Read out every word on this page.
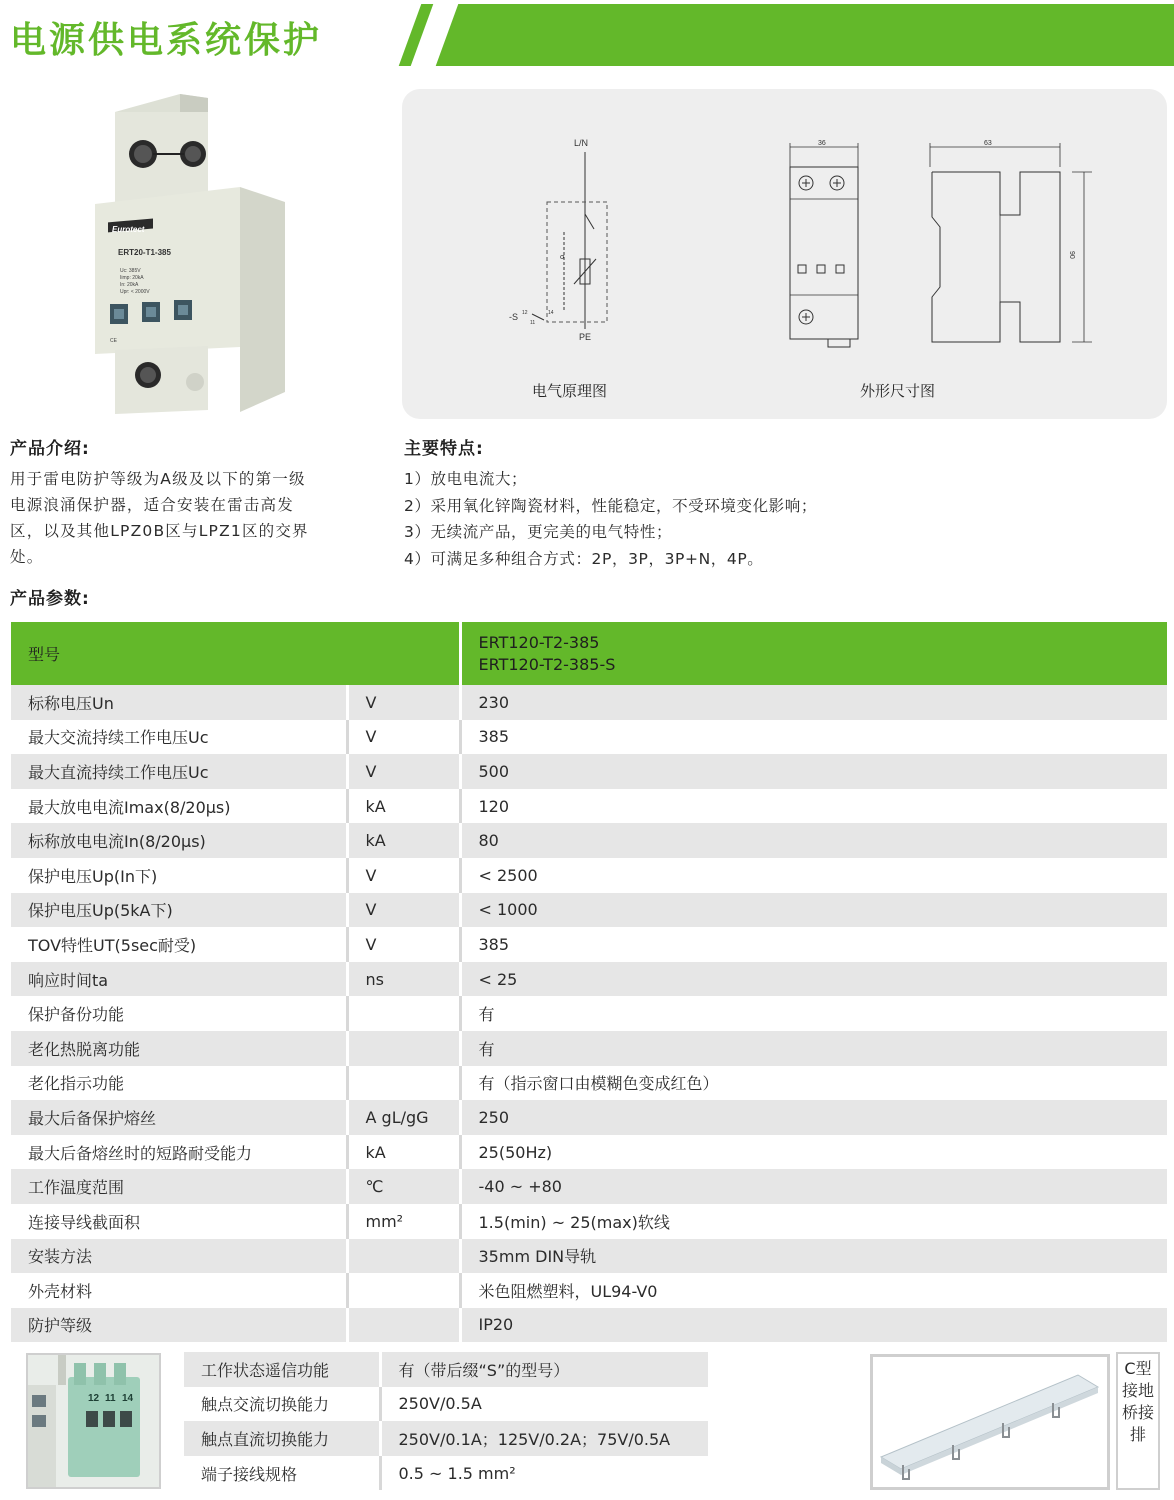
电源供电系统保护
Eurotect
ERT20-T1-385
Uc: 385V
Iimp: 20kA
In: 20kA
Upr: < 2000V
CE
L/N
σ
-S 12
11
14
PE
电气原理图
36	63
90
外形尺寸图
产品介绍:
用于雷电防护等级为A级及以下的第一级
电源浪涌保护器，适合安装在雷击高发
区，以及其他LPZ0B区与LPZ1区的交界
处。
主要特点:
1）放电电流大；
2）采用氧化锌陶瓷材料，性能稳定，不受环境变化影响；
3）无续流产品，更完美的电气特性；
4）可满足多种组合方式：2P，3P，3P+N，4P。
产品参数:
型号		ERT120-T2-385
ERT120-T2-385-S

标称电压Un	V	230
最大交流持续工作电压Uc	V	385
最大直流持续工作电压Uc	V	500
最大放电电流Imax(8/20μs)	kA	120
标称放电电流In(8/20μs)	kA	80
保护电压Up(In下)	V	< 2500
保护电压Up(5kA下)	V	< 1000
TOV特性UT(5sec耐受)	V	385
响应时间ta	ns	< 25
保护备份功能		有
老化热脱离功能		有
老化指示功能		有（指示窗口由模糊色变成红色）
最大后备保护熔丝	A gL/gG	250
最大后备熔丝时的短路耐受能力	kA	25(50Hz)
工作温度范围	℃	-40 ~ +80
连接导线截面积	mm²	1.5(min) ~ 25(max)软线
安装方法		35mm DIN导轨
外壳材料		米色阻燃塑料，UL94-V0
防护等级		IP20
12 11 14
工作状态遥信功能	有（带后缀“S”的型号）
触点交流切换能力	250V/0.5A
触点直流切换能力	250V/0.1A；125V/0.2A；75V/0.5A
端子接线规格	0.5 ~ 1.5 mm²
C型接地桥接排
